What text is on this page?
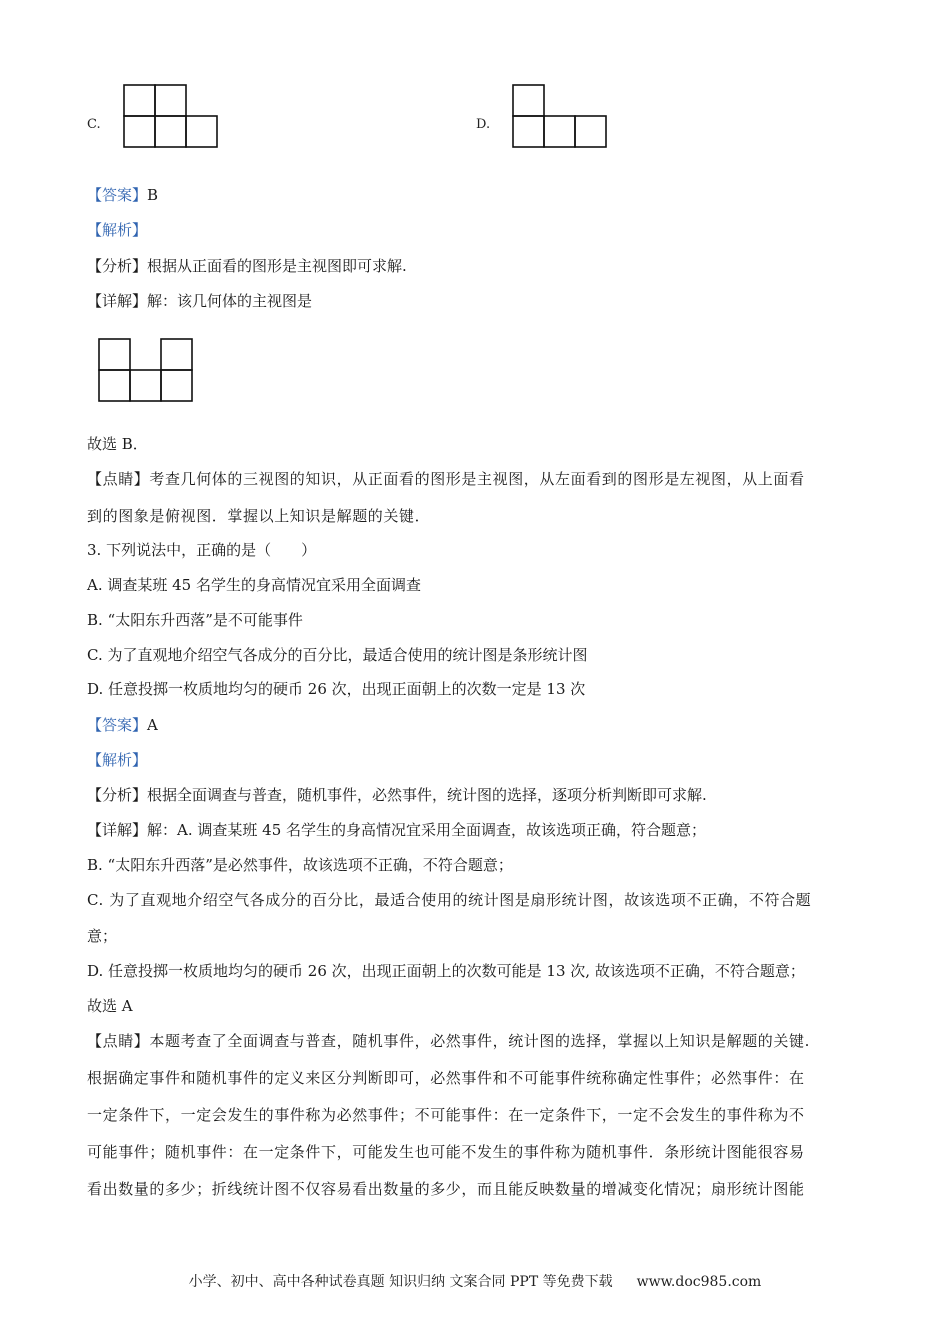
C.	D.
【答案】B
【解析】
【分析】根据从正面看的图形是主视图即可求解.
【详解】解：该几何体的主视图是
故选 B．
【点睛】考查几何体的三视图的知识，从正面看的图形是主视图，从左面看到的图形是左视图，从上面看
到的图象是俯视图．掌握以上知识是解题的关键．
3. 下列说法中，正确的是（　　）
A. 调查某班 45 名学生的身高情况宜采用全面调查
B. “太阳东升西落”是不可能事件
C. 为了直观地介绍空气各成分的百分比，最适合使用的统计图是条形统计图
D. 任意投掷一枚质地均匀的硬币 26 次，出现正面朝上的次数一定是 13 次
【答案】A
【解析】
【分析】根据全面调查与普查，随机事件，必然事件，统计图的选择，逐项分析判断即可求解.
【详解】解：A. 调查某班 45 名学生的身高情况宜采用全面调查，故该选项正确，符合题意；
B. “太阳东升西落”是必然事件，故该选项不正确，不符合题意；
C. 为了直观地介绍空气各成分的百分比，最适合使用的统计图是扇形统计图，故该选项不正确，不符合题
意；
D. 任意投掷一枚质地均匀的硬币 26 次，出现正面朝上的次数可能是 13 次, 故该选项不正确，不符合题意；
故选 A
【点睛】本题考查了全面调查与普查，随机事件，必然事件，统计图的选择，掌握以上知识是解题的关键.
根据确定事件和随机事件的定义来区分判断即可，必然事件和不可能事件统称确定性事件；必然事件：在
一定条件下，一定会发生的事件称为必然事件；不可能事件：在一定条件下，一定不会发生的事件称为不
可能事件；随机事件：在一定条件下，可能发生也可能不发生的事件称为随机事件．条形统计图能很容易
看出数量的多少；折线统计图不仅容易看出数量的多少，而且能反映数量的增减变化情况；扇形统计图能
小学、初中、高中各种试卷真题 知识归纳 文案合同 PPT 等免费下载 www.doc985.com
